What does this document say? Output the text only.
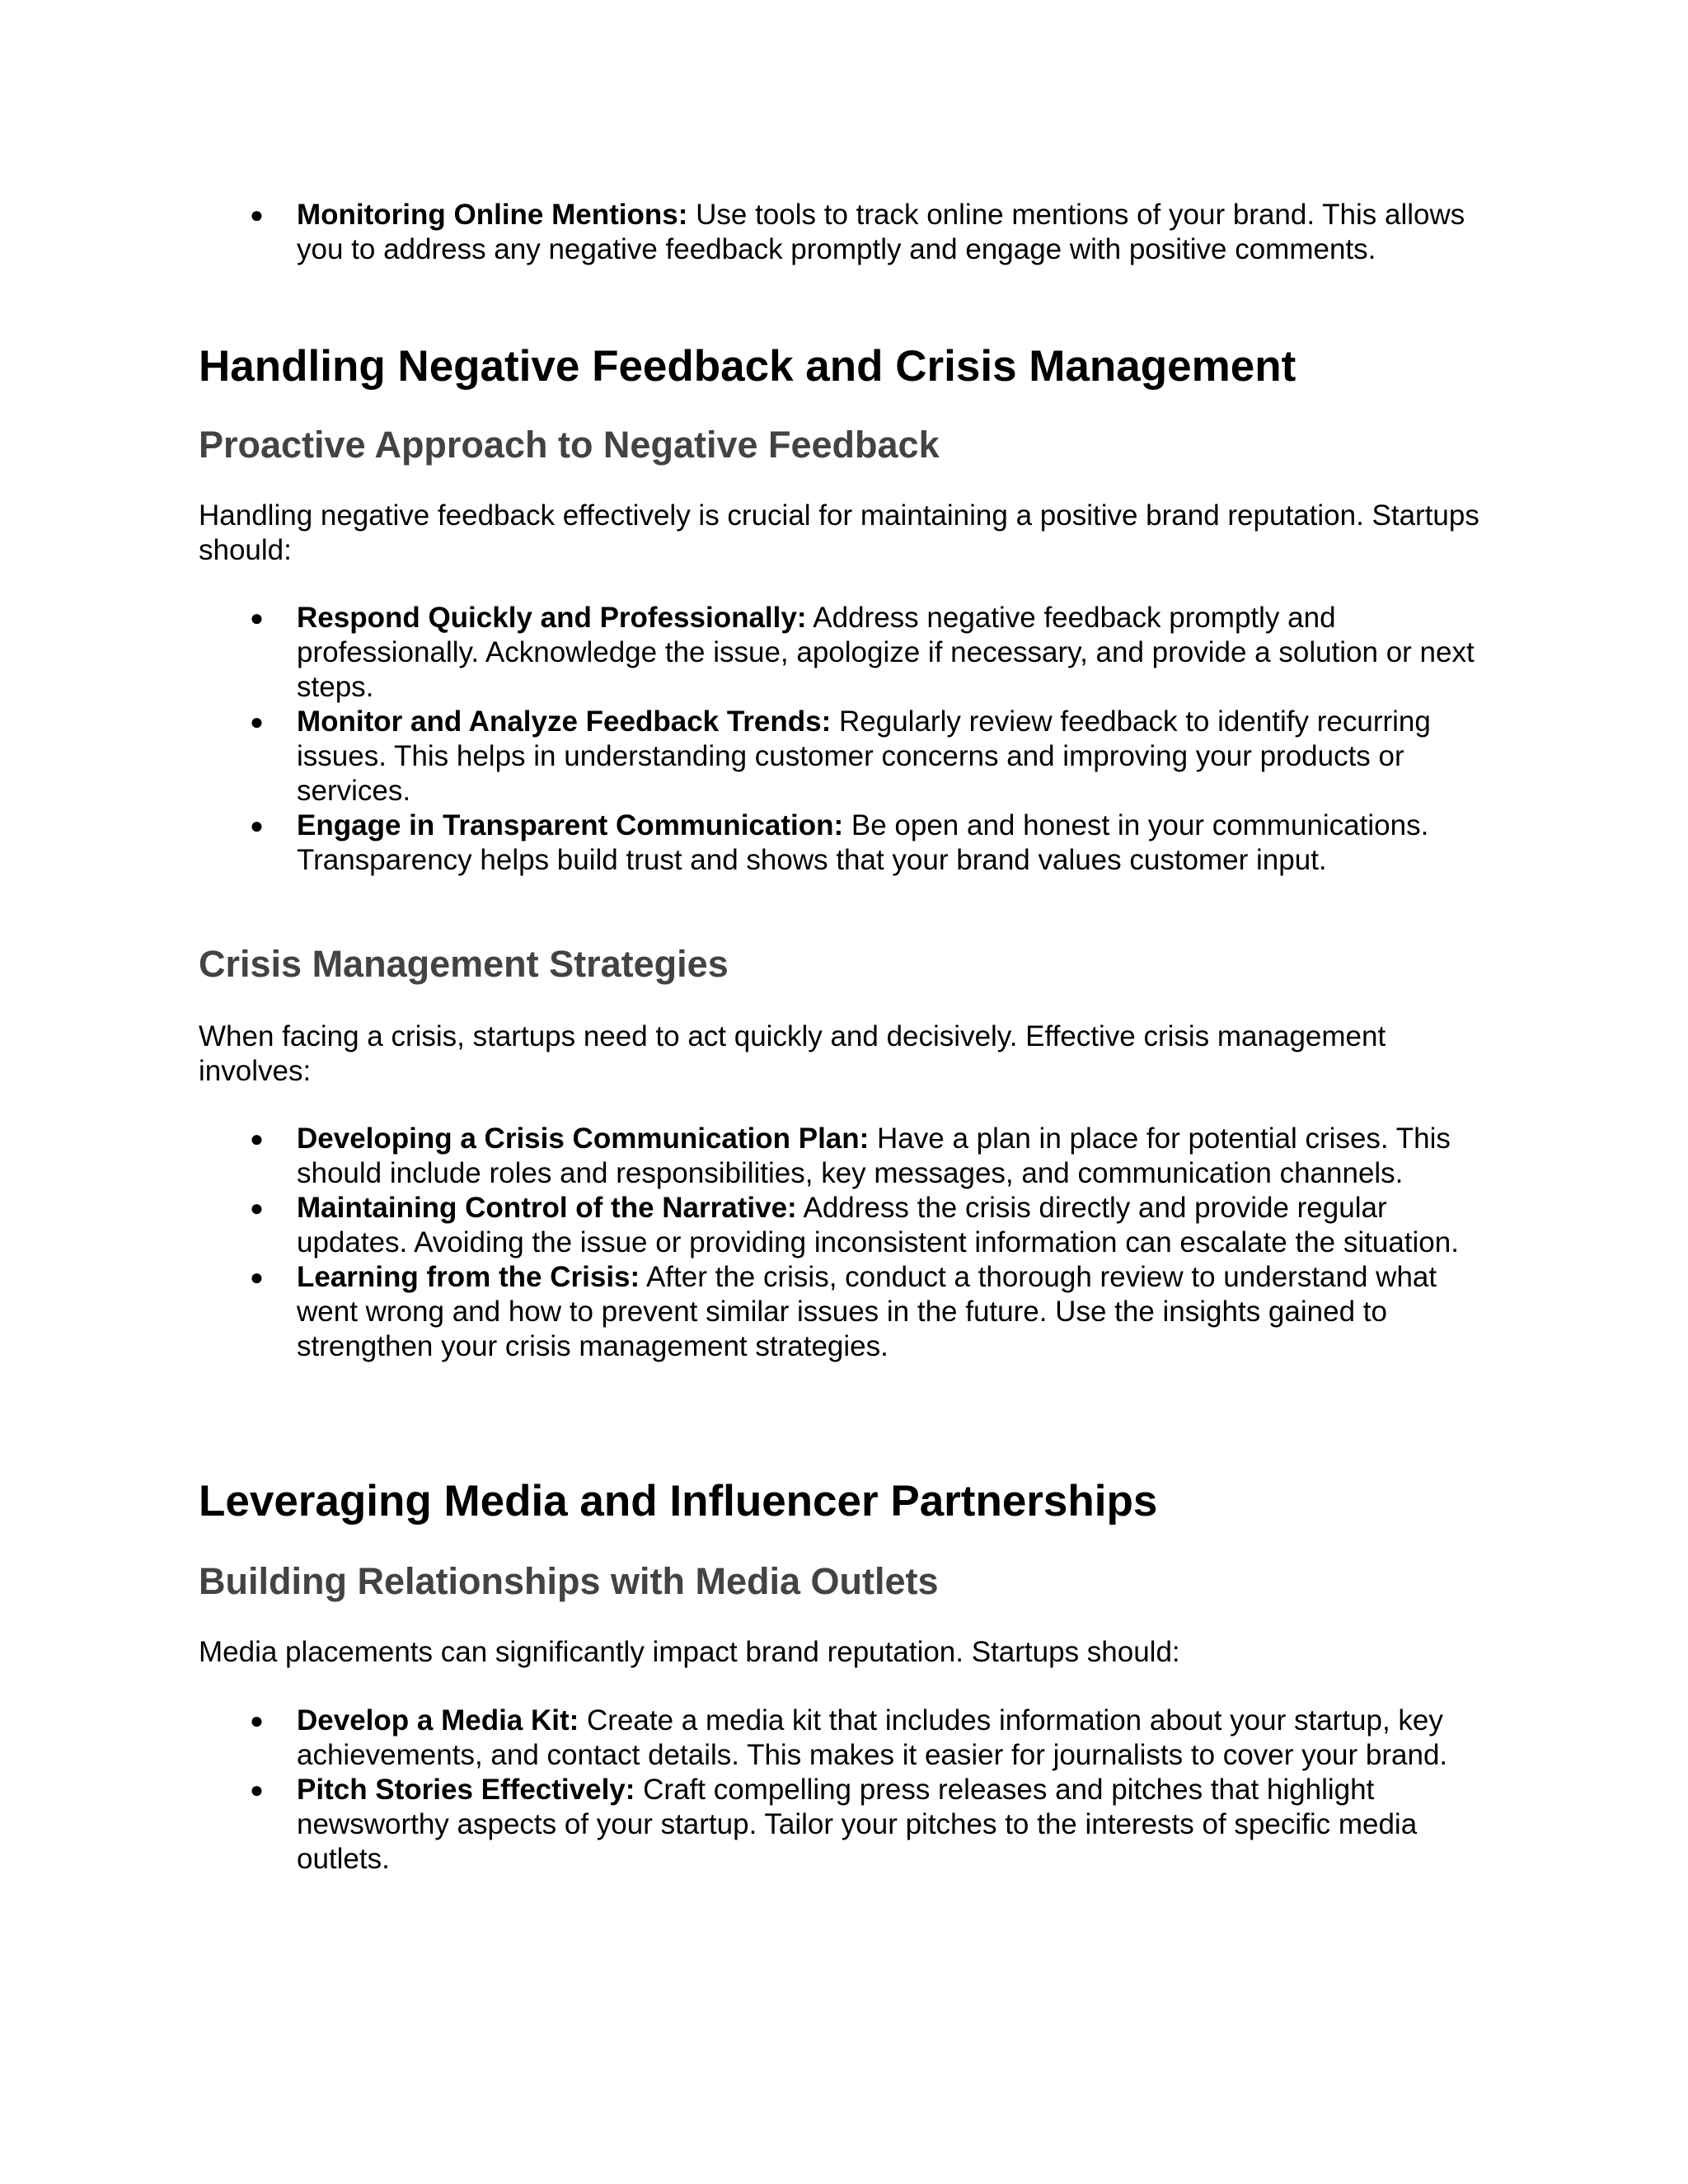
● Monitoring Online Mentions: Use tools to track online mentions of your brand. This allows you to address any negative feedback promptly and engage with positive comments.
Handling Negative Feedback and Crisis Management
Proactive Approach to Negative Feedback

Handling negative feedback effectively is crucial for maintaining a positive brand reputation. Startups should:

● Respond Quickly and Professionally: Address negative feedback promptly and professionally. Acknowledge the issue, apologize if necessary, and provide a solution or next steps.
● Monitor and Analyze Feedback Trends: Regularly review feedback to identify recurring issues. This helps in understanding customer concerns and improving your products or services.
● Engage in Transparent Communication: Be open and honest in your communications. Transparency helps build trust and shows that your brand values customer input.
Crisis Management Strategies

When facing a crisis, startups need to act quickly and decisively. Effective crisis management involves:

● Developing a Crisis Communication Plan: Have a plan in place for potential crises. This should include roles and responsibilities, key messages, and communication channels.
● Maintaining Control of the Narrative: Address the crisis directly and provide regular updates. Avoiding the issue or providing inconsistent information can escalate the situation.
● Learning from the Crisis: After the crisis, conduct a thorough review to understand what went wrong and how to prevent similar issues in the future. Use the insights gained to strengthen your crisis management strategies.
Leveraging Media and Influencer Partnerships
Building Relationships with Media Outlets

Media placements can significantly impact brand reputation. Startups should:

● Develop a Media Kit: Create a media kit that includes information about your startup, key achievements, and contact details. This makes it easier for journalists to cover your brand.
● Pitch Stories Effectively: Craft compelling press releases and pitches that highlight newsworthy aspects of your startup. Tailor your pitches to the interests of specific media outlets.
